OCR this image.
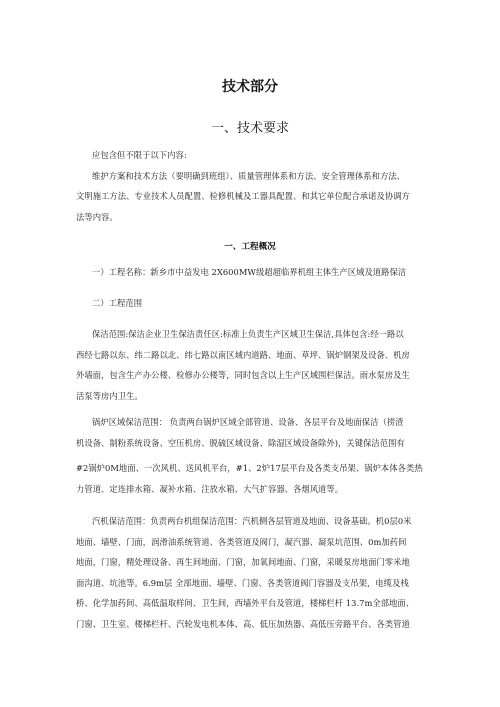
技术部分
一、技术要求
应包含但不限于以下内容:
维护方案和技术方法（要明确到班组）、质量管理体系和方法、安全管理体系和方法、
文明施工方法、专业技术人员配置、检修机械及工器具配置、和其它单位配合承诺及协调方
法等内容。
一、工程概况
一）工程名称：新乡市中益发电 2X600MW级超超临界机组主体生产区域及道路保洁
二）工程范围
保洁范围:保洁企业卫生保洁责任区:标准上负责生产区域卫生保洁,具体包含:经一路以
西经七路以东、纬二路以北、纬七路以南区域内道路、地面、草坪、锅炉钢架及设备、机房
外墙面，包含生产办公楼、检修办公楼等，同时包含以上生产区域围栏保洁。雨水泵房及生
活泵等房内卫生。
锅炉区域保洁范围： 负责两台锅炉区域全部管道、设备、各层平台及地面保洁（捞渣
机设备、制粉系统设备、空压机房、脱硫区域设备、除湿区域设备除外)，关键保洁范围有
#2锅炉0M地面、一次风机、送风机平台，#1、2炉17层平台及各类支吊架、锅炉本体各类热
力管道、定连排水箱、凝补水箱、注放水箱、大气扩容器、各烟风道等。
汽机保洁范围：负责两台机组保洁范围：汽机侧各层管道及地面、设备基础。机0层0米
地面、墙壁、门面，润滑油系统管道、各类管道及阀门，凝汽器、凝泵坑范围、0m加药间
地面，门窗，精处理设备、再生间地面、门窗，加氧间地面、门窗，采暖泵房地面门零米地
面沟道、坑池等。6.9m层 全部地面、墙壁、门窗、各类管道阀门容器及支吊架，电缆及栈
桥、化学加药间、高低温取样间、卫生间，西墙外平台及管道，楼梯栏杆 13.7m全部地面、
门窗、卫生室、楼梯栏杆、汽轮发电机本体、高、低压加热器、高低压旁路平台、各类管道
